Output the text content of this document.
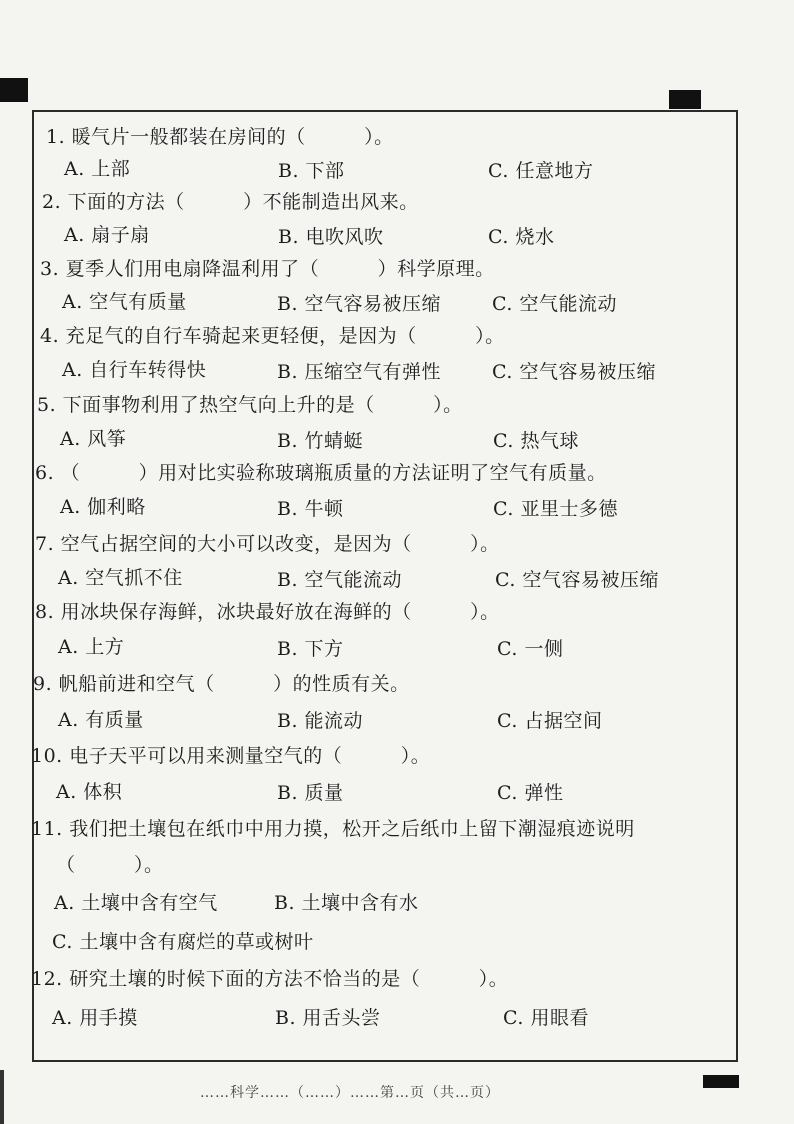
1. 暖气片一般都装在房间的（　　　）。
A. 上部	B. 下部	C. 任意地方
2. 下面的方法（　　　）不能制造出风来。
A. 扇子扇	B. 电吹风吹	C. 烧水
3. 夏季人们用电扇降温利用了（　　　）科学原理。
A. 空气有质量	B. 空气容易被压缩	C. 空气能流动
4. 充足气的自行车骑起来更轻便，是因为（　　　）。
A. 自行车转得快	B. 压缩空气有弹性	C. 空气容易被压缩
5. 下面事物利用了热空气向上升的是（　　　）。
A. 风筝	B. 竹蜻蜓	C. 热气球
6. （　　　）用对比实验称玻璃瓶质量的方法证明了空气有质量。
A. 伽利略	B. 牛顿	C. 亚里士多德
7. 空气占据空间的大小可以改变，是因为（　　　）。
A. 空气抓不住	B. 空气能流动	C. 空气容易被压缩
8. 用冰块保存海鲜，冰块最好放在海鲜的（　　　）。
A. 上方	B. 下方	C. 一侧
9. 帆船前进和空气（　　　）的性质有关。
A. 有质量	B. 能流动	C. 占据空间
10. 电子天平可以用来测量空气的（　　　）。
A. 体积	B. 质量	C. 弹性
11. 我们把土壤包在纸巾中用力摸，松开之后纸巾上留下潮湿痕迹说明
（　　　）。
A. 土壤中含有空气	B. 土壤中含有水
C. 土壤中含有腐烂的草或树叶
12. 研究土壤的时候下面的方法不恰当的是（　　　）。
A. 用手摸	B. 用舌头尝	C. 用眼看
……科学……（……）……第…页（共…页）
